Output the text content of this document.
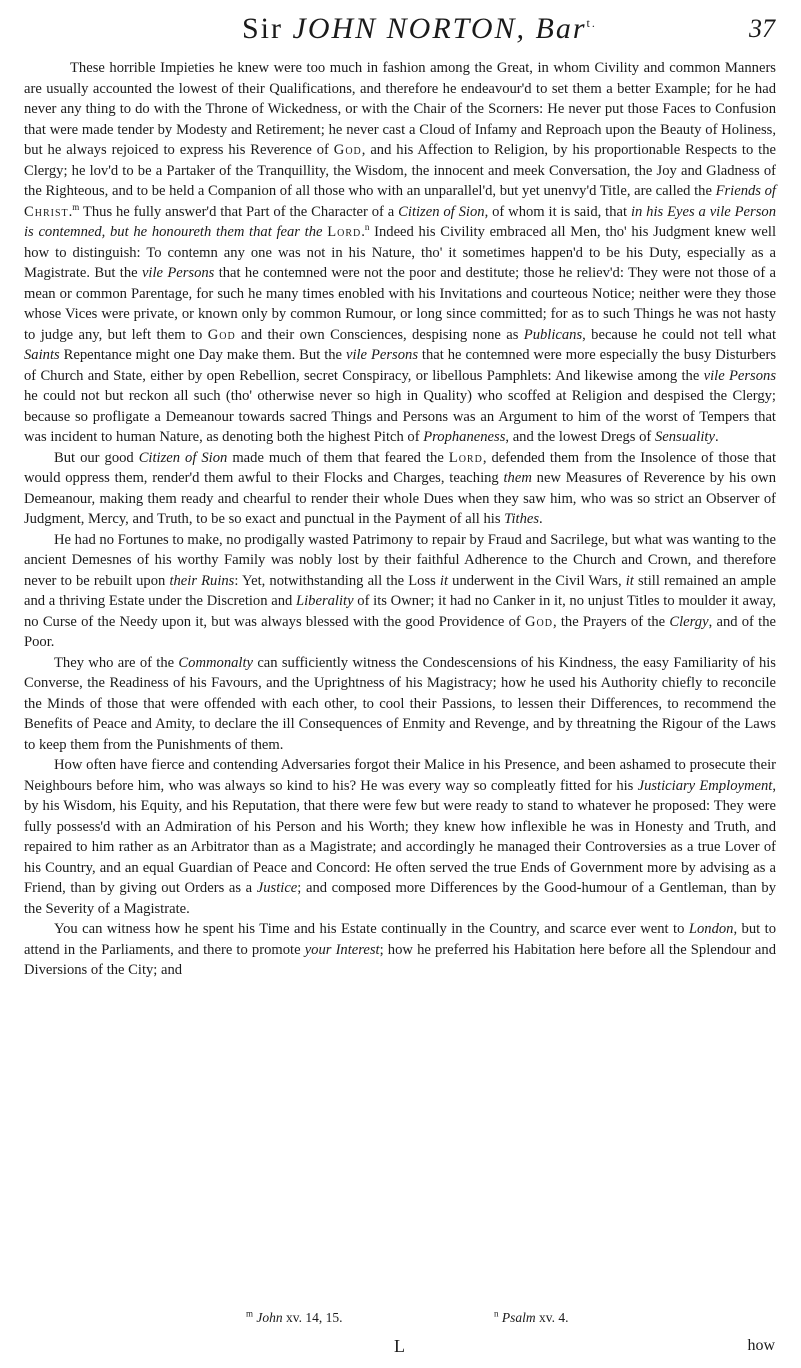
Sir JOHN NORTON, Bar$^{t.}$	37

These horrible Impieties he knew were too much in fashion among the Great, in whom Civility and common Manners are usually accounted the lowest of their Qualifications, and therefore he endeavour'd to set them a better Example; for he had never any thing to do with the Throne of Wickedness, or with the Chair of the Scorners: He never put those Faces to Confusion that were made tender by Modesty and Retirement; he never cast a Cloud of Infamy and Reproach upon the Beauty of Holiness, but he always rejoiced to express his Reverence of God, and his Affection to Religion, by his proportionable Respects to the Clergy; he lov'd to be a Partaker of the Tranquillity, the Wisdom, the innocent and meek Conversation, the Joy and Gladness of the Righteous, and to be held a Companion of all those who with an unparallel'd, but yet unenvy'd Title, are called the Friends of Christ.$^m$ Thus he fully answer'd that Part of the Character of a Citizen of Sion, of whom it is said, that in his Eyes a vile Person is contemned, but he honoureth them that fear the Lord.$^n$ Indeed his Civility embraced all Men, tho' his Judgment knew well how to distinguish: To contemn any one was not in his Nature, tho' it sometimes happen'd to be his Duty, especially as a Magistrate. But the vile Persons that he contemned were not the poor and destitute; those he reliev'd: They were not those of a mean or common Parentage, for such he many times enobled with his Invitations and courteous Notice; neither were they those whose Vices were private, or known only by common Rumour, or long since committed; for as to such Things he was not hasty to judge any, but left them to God and their own Consciences, despising none as Publicans, because he could not tell what Saints Repentance might one Day make them. But the vile Persons that he contemned were more especially the busy Disturbers of Church and State, either by open Rebellion, secret Conspiracy, or libellous Pamphlets: And likewise among the vile Persons he could not but reckon all such (tho' otherwise never so high in Quality) who scoffed at Religion and despised the Clergy; because so profligate a Demeanour towards sacred Things and Persons was an Argument to him of the worst of Tempers that was incident to human Nature, as denoting both the highest Pitch of Prophaneness, and the lowest Dregs of Sensuality.

But our good Citizen of Sion made much of them that feared the Lord, defended them from the Insolence of those that would oppress them, render'd them awful to their Flocks and Charges, teaching them new Measures of Reverence by his own Demeanour, making them ready and chearful to render their whole Dues when they saw him, who was so strict an Observer of Judgment, Mercy, and Truth, to be so exact and punctual in the Payment of all his Tithes.

He had no Fortunes to make, no prodigally wasted Patrimony to repair by Fraud and Sacrilege, but what was wanting to the ancient Demesnes of his worthy Family was nobly lost by their faithful Adherence to the Church and Crown, and therefore never to be rebuilt upon their Ruins: Yet, notwithstanding all the Loss it underwent in the Civil Wars, it still remained an ample and a thriving Estate under the Discretion and Liberality of its Owner; it had no Canker in it, no unjust Titles to moulder it away, no Curse of the Needy upon it, but was always blessed with the good Providence of God, the Prayers of the Clergy, and of the Poor.

They who are of the Commonalty can sufficiently witness the Condescensions of his Kindness, the easy Familiarity of his Converse, the Readiness of his Favours, and the Uprightness of his Magistracy; how he used his Authority chiefly to reconcile the Minds of those that were offended with each other, to cool their Passions, to lessen their Differences, to recommend the Benefits of Peace and Amity, to declare the ill Consequences of Enmity and Revenge, and by threatning the Rigour of the Laws to keep them from the Punishments of them.

How often have fierce and contending Adversaries forgot their Malice in his Presence, and been ashamed to prosecute their Neighbours before him, who was always so kind to his? He was every way so compleatly fitted for his Justiciary Employment, by his Wisdom, his Equity, and his Reputation, that there were few but were ready to stand to whatever he proposed: They were fully possess'd with an Admiration of his Person and his Worth; they knew how inflexible he was in Honesty and Truth, and repaired to him rather as an Arbitrator than as a Magistrate; and accordingly he managed their Controversies as a true Lover of his Country, and an equal Guardian of Peace and Concord: He often served the true Ends of Government more by advising as a Friend, than by giving out Orders as a Justice; and composed more Differences by the Good-humour of a Gentleman, than by the Severity of a Magistrate.

You can witness how he spent his Time and his Estate continually in the Country, and scarce ever went to London, but to attend in the Parliaments, and there to promote your Interest; how he preferred his Habitation here before all the Splendour and Diversions of the City; and

$^m$ John xv. 14, 15.	$^n$ Psalm xv. 4.
L	how
